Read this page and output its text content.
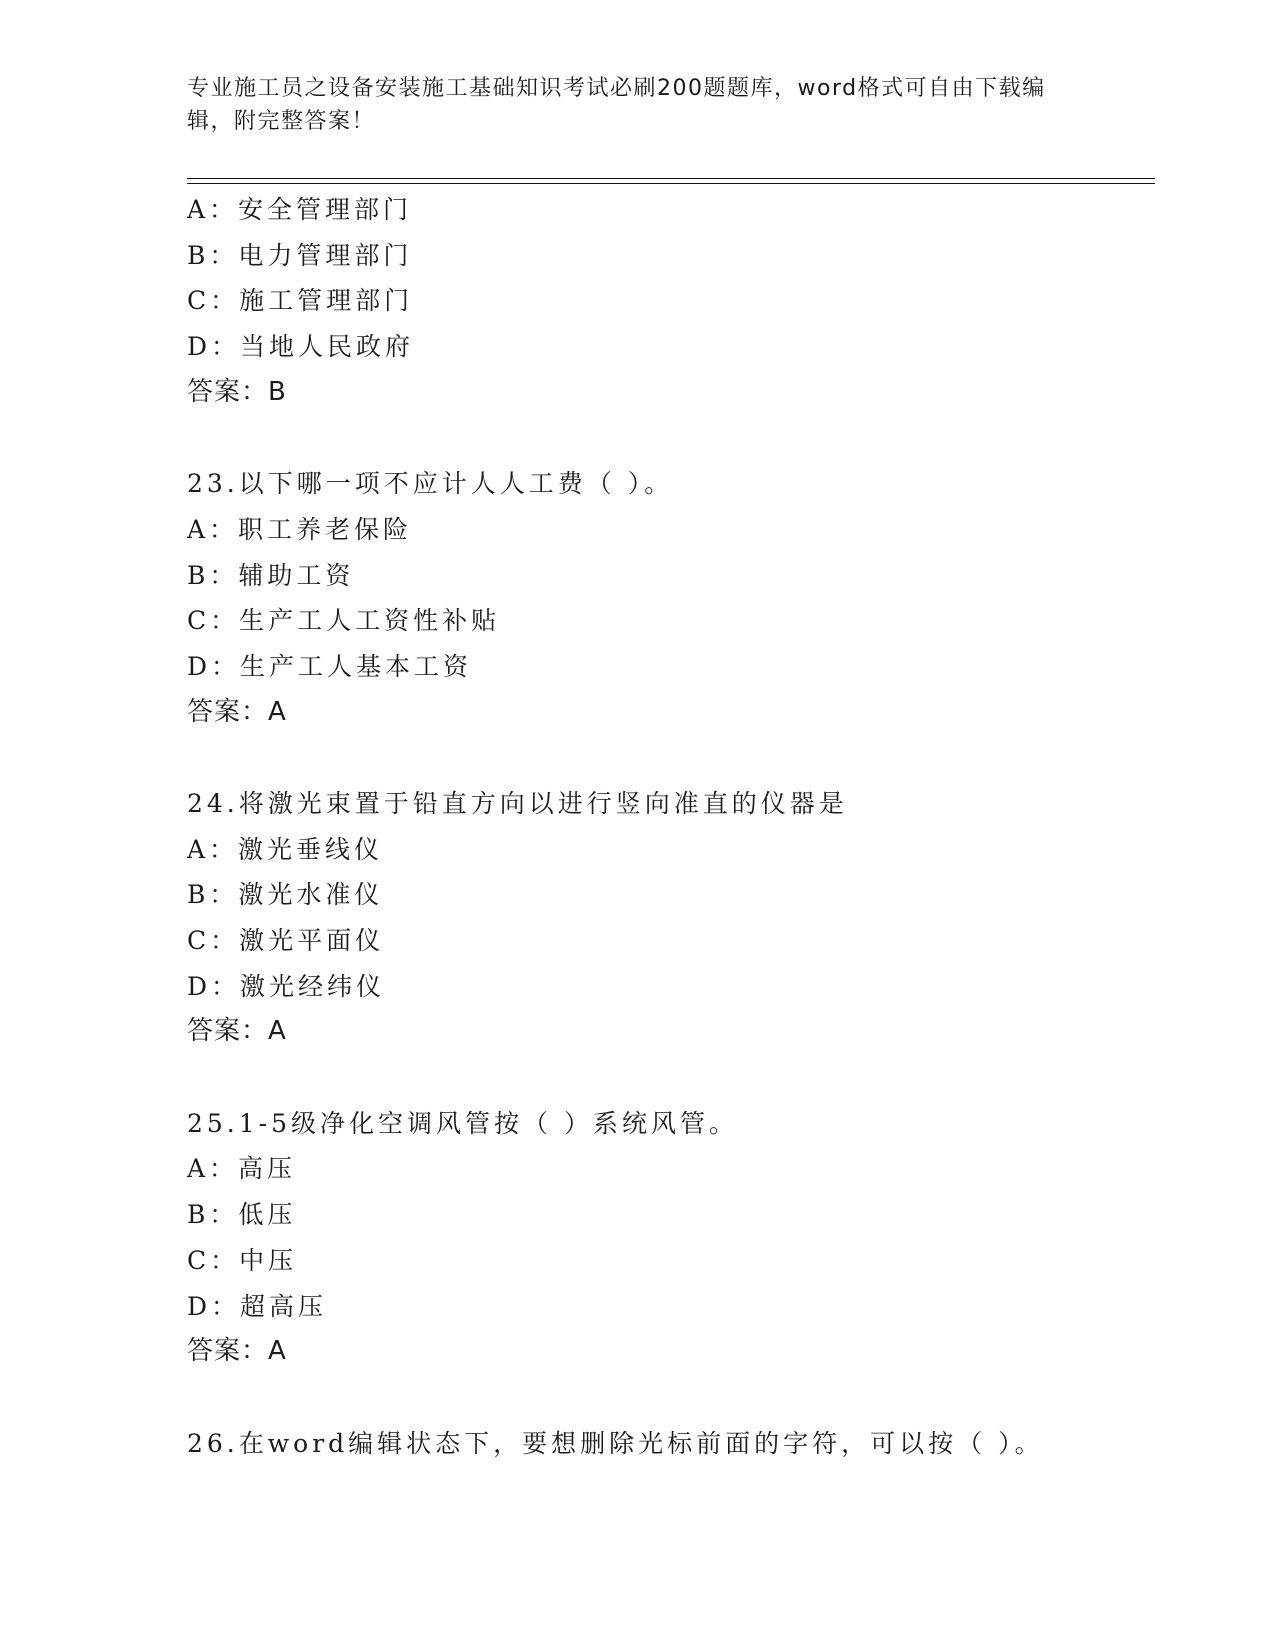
专业施工员之设备安装施工基础知识考试必刷200题题库，word格式可自由下载编辑，附完整答案！
A：安全管理部门
B：电力管理部门
C：施工管理部门
D：当地人民政府
答案：B
23.以下哪一项不应计人人工费（ ）。
A：职工养老保险
B：辅助工资
C：生产工人工资性补贴
D：生产工人基本工资
答案：A
24.将激光束置于铅直方向以进行竖向准直的仪器是
A：激光垂线仪
B：激光水准仪
C：激光平面仪
D：激光经纬仪
答案：A
25.1-5级净化空调风管按（ ）系统风管。
A：高压
B：低压
C：中压
D：超高压
答案：A
26.在word编辑状态下，要想删除光标前面的字符，可以按（ ）。
